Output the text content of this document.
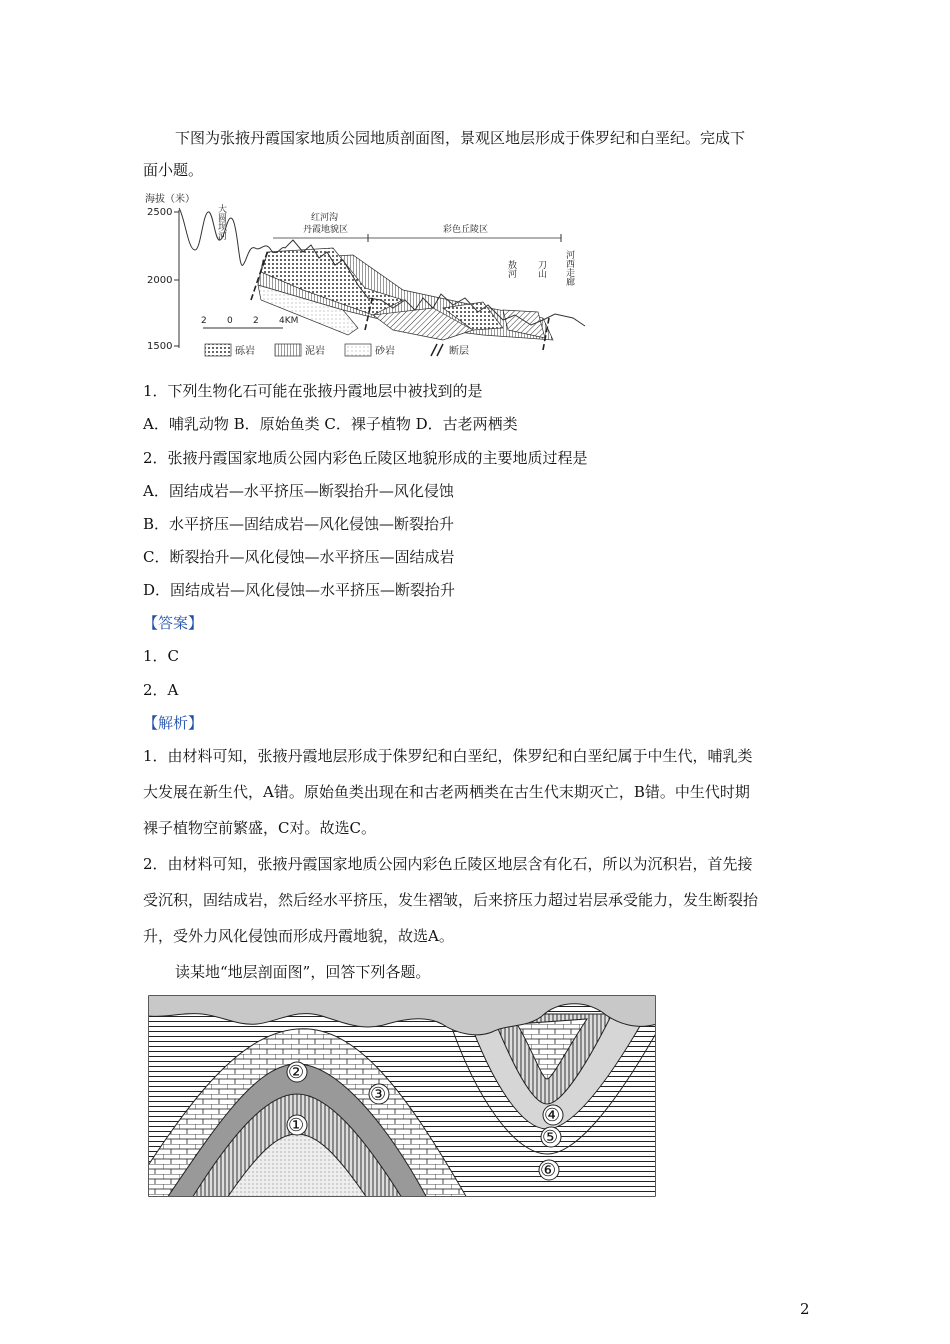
下图为张掖丹霞国家地质公园地质剖面图，景观区地层形成于侏罗纪和白垩纪。完成下
面小题。
海拔（米）
2500
2000
1500
大圆坝河	红河沟
丹霞地貌区	彩色丘陵区
敖河 刀山 河西走廊
2 0 2 4KM
砾岩	泥岩	砂岩	断层
1．下列生物化石可能在张掖丹霞地层中被找到的是
A．哺乳动物 B．原始鱼类 C．裸子植物 D．古老两栖类
2．张掖丹霞国家地质公园内彩色丘陵区地貌形成的主要地质过程是
A．固结成岩—水平挤压—断裂抬升—风化侵蚀
B．水平挤压—固结成岩—风化侵蚀—断裂抬升
C．断裂抬升—风化侵蚀—水平挤压—固结成岩
D．固结成岩—风化侵蚀—水平挤压—断裂抬升
【答案】
1．C
2．A
【解析】
1．由材料可知，张掖丹霞地层形成于侏罗纪和白垩纪，侏罗纪和白垩纪属于中生代，哺乳类
大发展在新生代，A错。原始鱼类出现在和古老两栖类在古生代末期灭亡，B错。中生代时期
裸子植物空前繁盛，C对。故选C。
2．由材料可知，张掖丹霞国家地质公园内彩色丘陵区地层含有化石，所以为沉积岩，首先接
受沉积，固结成岩，然后经水平挤压，发生褶皱，后来挤压力超过岩层承受能力，发生断裂抬
升，受外力风化侵蚀而形成丹霞地貌，故选A。
读某地“地层剖面图”，回答下列各题。
②
③
①	④
⑤
⑥
2
